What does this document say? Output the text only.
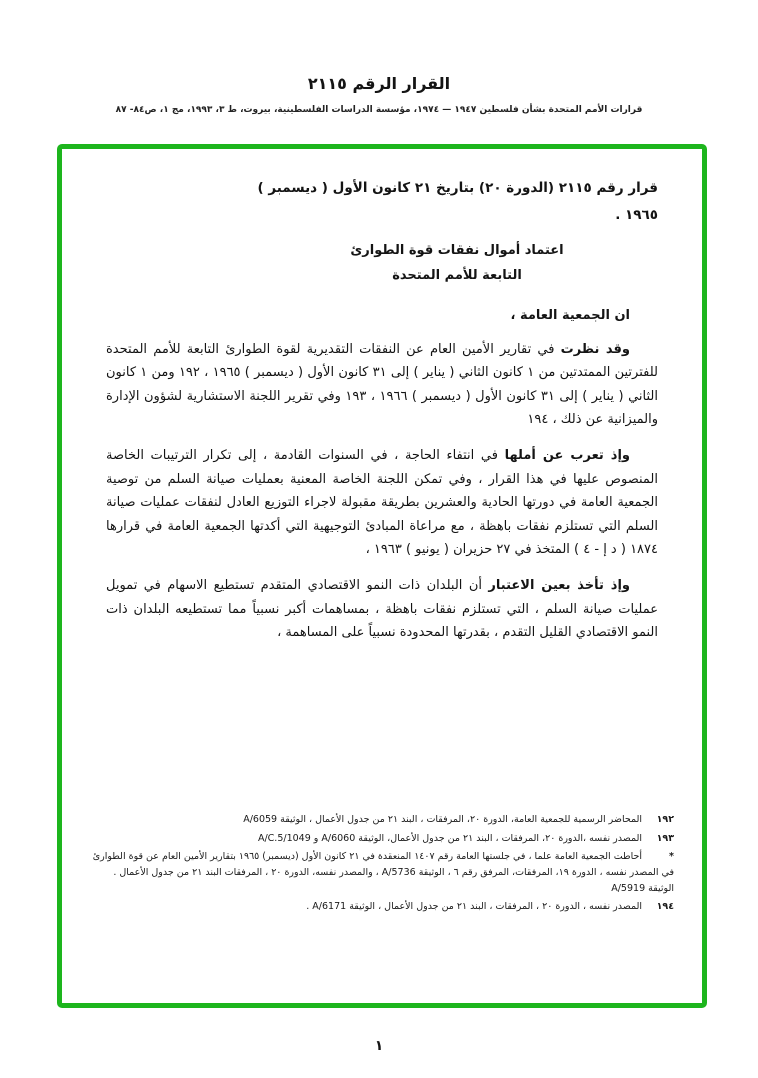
القرار الرقم ٢١١٥
قرارات الأمم المتحدة بشأن فلسطين ١٩٤٧ — ١٩٧٤، مؤسسة الدراسات الفلسطينية، بيروت، ط ٣، ١٩٩٣، مج ١، ص٨٤- ٨٧
قرار رقم ٢١١٥ (الدورة ٢٠) بتاريخ ٢١ كانون الأول ( ديسمبر )
١٩٦٥ .
اعتماد أموال نفقات قوة الطوارئ
التابعة للأمم المتحدة
ان الجمعية العامة ،

وقد نظرت في تقارير الأمين العام عن النفقات التقديرية لقوة الطوارئ التابعة للأمم المتحدة للفترتين الممتدتين من ١ كانون الثاني ( يناير ) إلى ٣١ كانون الأول ( ديسمبر ) ١٩٦٥ ، ١٩٢ ومن ١ كانون الثاني ( يناير ) إلى ٣١ كانون الأول ( ديسمبر ) ١٩٦٦ ، ١٩٣ وفي تقرير اللجنة الاستشارية لشؤون الإدارة والميزانية عن ذلك ، ١٩٤

وإذ تعرب عن أملها في انتفاء الحاجة ، في السنوات القادمة ، إلى تكرار الترتيبات الخاصة المنصوص عليها في هذا القرار ، وفي تمكن اللجنة الخاصة المعنية بعمليات صيانة السلم من توصية الجمعية العامة في دورتها الحادية والعشرين بطريقة مقبولة لاجراء التوزيع العادل لنفقات عمليات صيانة السلم التي تستلزم نفقات باهظة ، مع مراعاة المبادئ التوجيهية التي أكدتها الجمعية العامة في قرارها ١٨٧٤ ( د إ - ٤ ) المتخذ في ٢٧ حزيران ( يونيو ) ١٩٦٣ ،

وإذ تأخذ بعين الاعتبار أن البلدان ذات النمو الاقتصادي المتقدم تستطيع الاسهام في تمويل عمليات صيانة السلم ، التي تستلزم نفقات باهظة ، بمساهمات أكبر نسبياً مما تستطيعه البلدان ذات النمو الاقتصادي القليل التقدم ، بقدرتها المحدودة نسبياً على المساهمة ،

١٩٢المحاضر الرسمية للجمعية العامة، الدورة ٢٠، المرفقات ، البند ٢١ من جدول الأعمال ، الوثيقة A/6059
١٩٣المصدر نفسه ،الدورة ٢٠، المرفقات ، البند ٢١ من جدول الأعمال، الوثيقة A/6060 و A/C.5/1049
*أحاطت الجمعية العامة علما ، في جلستها العامة رقم ١٤٠٧ المنعقدة في ٢١ كانون الأول (ديسمبر) ١٩٦٥ بتقارير الأمين العام عن قوة الطوارئ في المصدر نفسه ، الدورة ١٩، المرفقات، المرفق رقم ٦ ، الوثيقة A/5736 ، والمصدر نفسه، الدورة ٢٠ ، المرفقات البند ٢١ من جدول الأعمال . الوثيقة A/5919
١٩٤المصدر نفسه ، الدورة ٢٠ ، المرفقات ، البند ٢١ من جدول الأعمال ، الوثيقة A/6171 .
١
